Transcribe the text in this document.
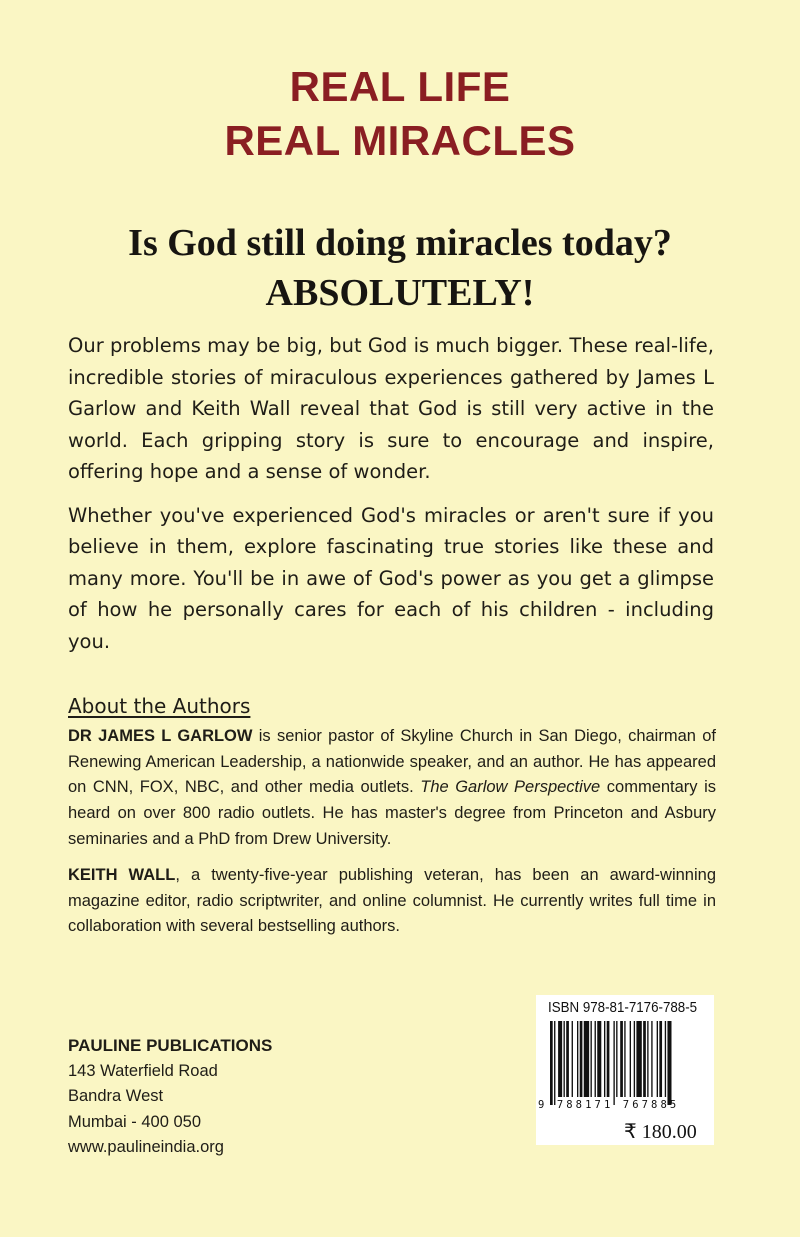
REAL LIFE
REAL MIRACLES
Is God still doing miracles today?
ABSOLUTELY!

Our problems may be big, but God is much bigger. These real-life, incredible stories of miraculous experiences gathered by James L Garlow and Keith Wall reveal that God is still very active in the world. Each gripping story is sure to encourage and inspire, offering hope and a sense of wonder.

Whether you've experienced God's miracles or aren't sure if you believe in them, explore fascinating true stories like these and many more. You'll be in awe of God's power as you get a glimpse of how he personally cares for each of his children - including you.

About the Authors

DR JAMES L GARLOW is senior pastor of Skyline Church in San Diego, chairman of Renewing American Leadership, a nationwide speaker, and an author. He has appeared on CNN, FOX, NBC, and other media outlets. The Garlow Perspective commentary is heard on over 800 radio outlets. He has master's degree from Princeton and Asbury seminaries and a PhD from Drew University.

KEITH WALL, a twenty-five-year publishing veteran, has been an award-winning magazine editor, radio scriptwriter, and online columnist. He currently writes full time in collaboration with several bestselling authors.

PAULINE PUBLICATIONS
143 Waterfield Road
Bandra West
Mumbai - 400 050
www.paulineindia.org
ISBN 978-81-7176-788-5
9 788171 767885
₹ 180.00
